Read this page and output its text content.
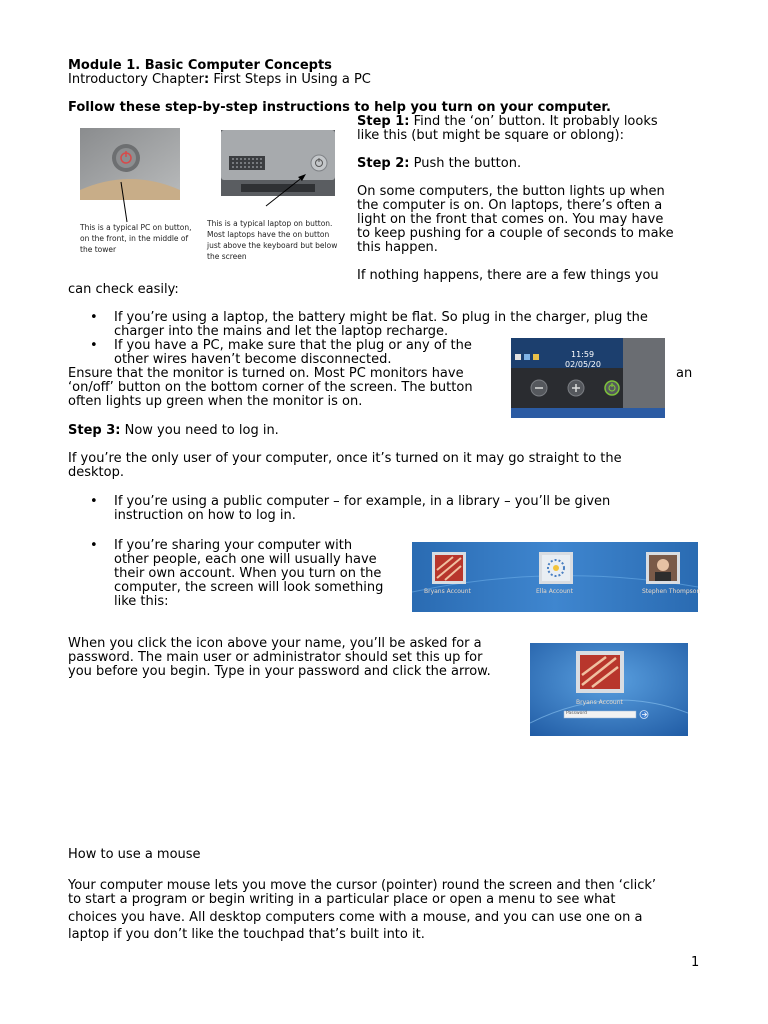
Module 1. Basic Computer Concepts

Introductory Chapter: First Steps in Using a PC

Follow these step-by-step instructions to help you turn on your computer.

This is a typical PC on button,
on the front, in the middle of
the tower
This is a typical laptop on button.
Most laptops have the on button
just above the keyboard but below
the screen

Step 1: Find the ‘on’ button. It probably looks

like this (but might be square or oblong):

Step 2: Push the button.

On some computers, the button lights up when

the computer is on. On laptops, there’s often a

light on the front that comes on. You may have

to keep pushing for a couple of seconds to make

this happen.

If nothing happens, there are a few things you

can check easily:

• If you’re using a laptop, the battery might be flat. So plug in the charger, plug the
charger into the mains and let the laptop recharge.
• If you have a PC, make sure that the plug or any of the
other wires haven’t become disconnected.	11:59
02/05/20

Ensure that the monitor is turned on. Most PC monitors have	an

‘on/off’ button on the bottom corner of the screen. The button

often lights up green when the monitor is on.

Step 3: Now you need to log in.

If you’re the only user of your computer, once it’s turned on it may go straight to the

desktop.

• If you’re using a public computer – for example, in a library – you’ll be given
instruction on how to log in.
• If you’re sharing your computer with
other people, each one will usually have
their own account. When you turn on the
computer, the screen will look something
like this:
Bryans Account	Ella Account	Stephen Thompson

When you click the icon above your name, you’ll be asked for a

password. The main user or administrator should set this up for

you before you begin. Type in your password and click the arrow.

Bryans Account
Password

How to use a mouse

Your computer mouse lets you move the cursor (pointer) round the screen and then ‘click’

to start a program or begin writing in a particular place or open a menu to see what

choices you have. All desktop computers come with a mouse, and you can use one on a

laptop if you don’t like the touchpad that’s built into it.

1
